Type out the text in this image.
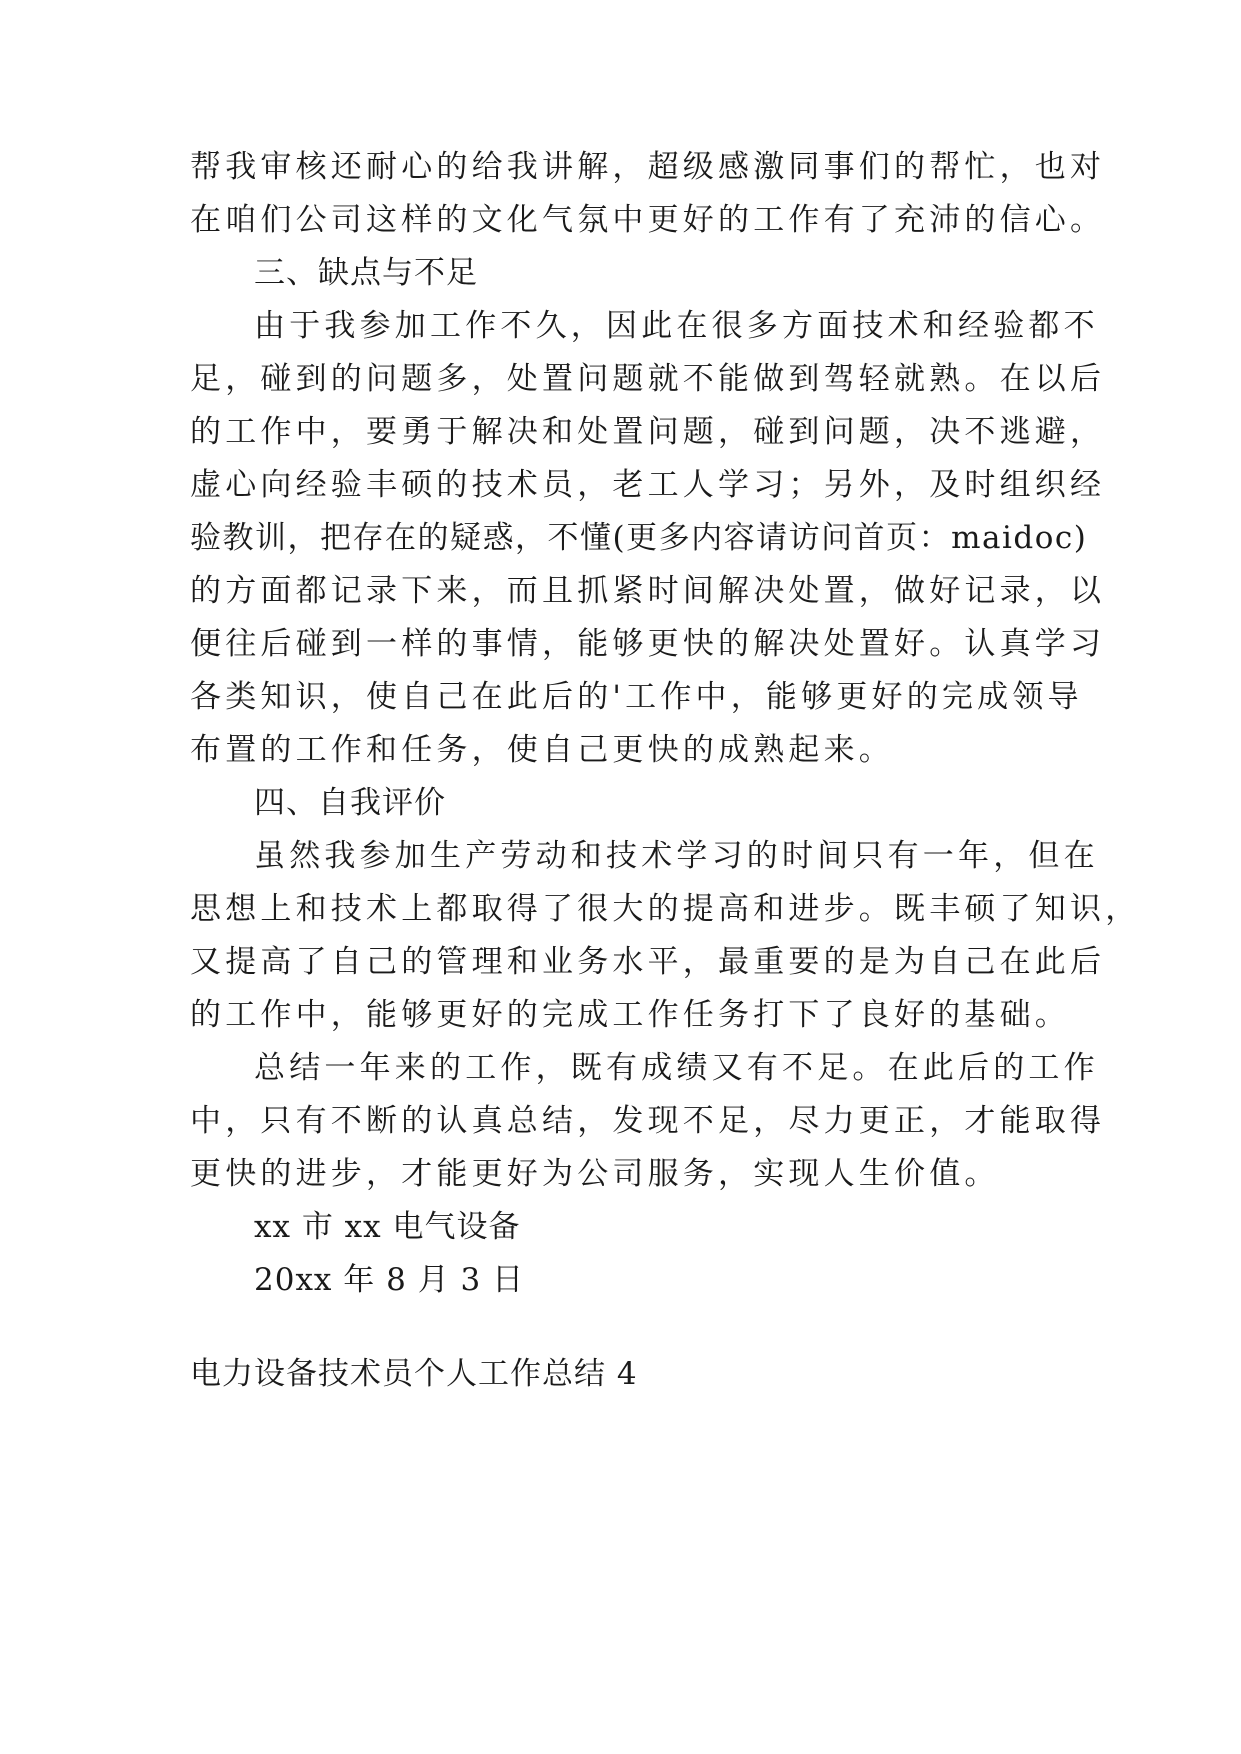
帮我审核还耐心的给我讲解，超级感激同事们的帮忙，也对

在咱们公司这样的文化气氛中更好的工作有了充沛的信心。

三、缺点与不足

由于我参加工作不久，因此在很多方面技术和经验都不

足，碰到的问题多，处置问题就不能做到驾轻就熟。在以后

的工作中，要勇于解决和处置问题，碰到问题，决不逃避，

虚心向经验丰硕的技术员，老工人学习；另外，及时组织经

验教训，把存在的疑惑，不懂(更多内容请访问首页：maidoc)

的方面都记录下来，而且抓紧时间解决处置，做好记录，以

便往后碰到一样的事情，能够更快的解决处置好。认真学习

各类知识，使自己在此后的'工作中，能够更好的完成领导

布置的工作和任务，使自己更快的成熟起来。

四、自我评价

虽然我参加生产劳动和技术学习的时间只有一年，但在

思想上和技术上都取得了很大的提高和进步。既丰硕了知识，

又提高了自己的管理和业务水平，最重要的是为自己在此后

的工作中，能够更好的完成工作任务打下了良好的基础。

总结一年来的工作，既有成绩又有不足。在此后的工作

中，只有不断的认真总结，发现不足，尽力更正，才能取得

更快的进步，才能更好为公司服务，实现人生价值。

xx 市 xx 电气设备

20xx 年 8 月 3 日

电力设备技术员个人工作总结 4
